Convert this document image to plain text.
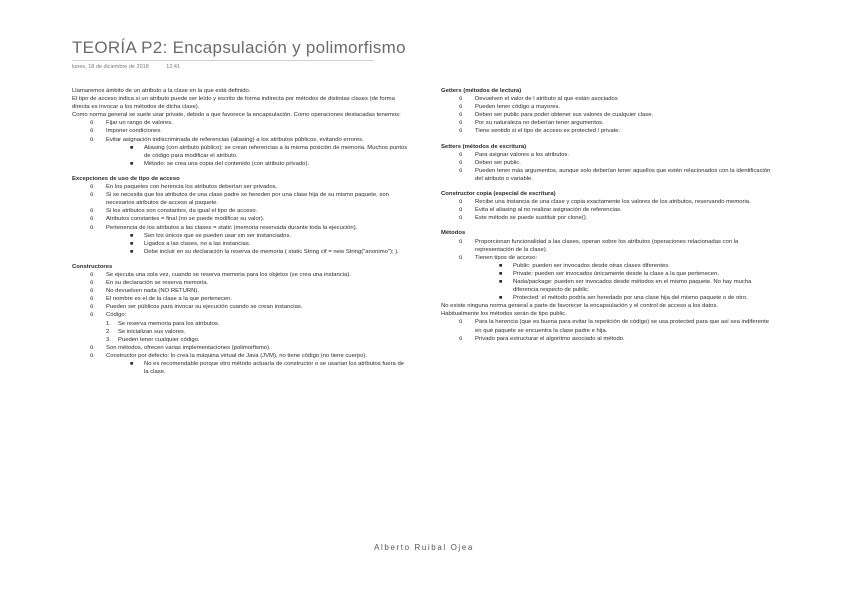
TEORÍA P2: Encapsulación y polimorfismo
lunes, 18 de diciembre de 2018	12:41

Llamaremos ámbito de un atributo a la clase en la que está definido.

El tipo de acceso indica si un atributo puede ser leído y escrito de forma indirecta por métodos de distintas clases (de forma directa es invocar a los métodos de dicha clase).

Como norma general se suele usar private, debido a que favorece la encapsulación. Como operaciones destacadas tenemos:

o Fijar un rango de valores.
o Imponer condiciones.
o Evitar asignación indiscriminada de referencias (aliasing) a los atributos públicos, evitando errores.
■ Aliasing (con atributo público): se crean referencias a la misma posición de memoria. Muchos puntos de código para modificar el atributo.
■ Método: se crea una copia del contenido (con atributo privado).

Excepciones de uso de tipo de acceso

o En los paquetes con herencia los atributos deberían ser privados.
o Si se necesita que los atributos de una clase padre se hereden por una clase hija de su mismo paquete, son necesarios atributos de acceso al paquete.
o Si los atributos son constantes, da igual el tipo de acceso.
o Atributos constantes = final (no se puede modificar su valor).
o Pertenencia de los atributos a las clases = static (memoria reservada durante toda la ejecución).
■ Son los únicos que se pueden usar sin ser instanciados.
■ Ligados a las clases, no a las instancias.
■ Debe incluir en su declaración la reserva de memoria ( static String cif = new String("anonimo"); ).

Constructores

o Se ejecuta una sola vez, cuando se reserva memoria para los objetos (se crea una instancia).
o En su declaración se reserva memoria.
o No devuelven nada (NO RETURN).
o El nombre es el de la clase a la que pertenecen.
o Pueden ser públicos para invocar su ejecución cuando se crean instancias.
o Código:
1. Se reserva memoria para los atributos.
2. Se inicializan sus valores.
3. Pueden tener cualquier código.
o Son métodos, ofrecen varias implementaciones (polimorfismo).
o Constructor por defecto: lo crea la máquina virtual de Java (JVM), no tiene código (no tiene cuerpo).
■ No es recomendable porque otro método actuaría de constructor o se usarían los atributos fuera de la clase.

Getters (métodos de lectura)

o Devuelven el valor de l atributo al que están asociados
o Pueden tener código a mayores.
o Deben ser public para poder obtener sus valores de cualquier clase.
o Por su naturaleza no deberían tener argumentos.
o Tiene sentido si el tipo de acceso es protected / private.

Setters (métodos de escritura)

o Para asignar valores a los atributos.
o Deben ser public.
o Pueden tener más argumentos, aunque solo deberían tener aquellos que estén relacionados con la identificación del atributo o variable.

Constructor copia (especial de escritura)

o Recibe una instancia de una clase y copia exactamente los valores de los atributos, reservando memoria.
o Evita el aliasing al no realizar asignación de referencias.
o Este método se puede sustituir por clone().

Métodos

o Proporcionan funcionalidad a las clases, operan sobre los atributos (operaciones relacionadas con la representación de la clase).
o Tienen tipos de acceso:
■ Public: pueden ser invocados desde otras clases diferentes.
■ Private: pueden ser invocados únicamente desde la clase a la que pertenecen.
■ Nada/package: pueden ser invocados desde métodos en el mismo paquete. No hay mucha diferencia respecto de public.
■ Protected: el método podría ser heredado por una clase hija del mismo paquete o de otro.

No existe ninguna norma general a parte de favorecer la encapsulación y el control de acceso a los datos.

Habitualmente los métodos serán de tipo public.

o Para la herencia (que es buena para evitar la repetición de código) se usa protected para que así sea indiferente en qué paquete se encuentra la clase padre e hija.
o Privado para estructurar el algoritmo asociado al método.
Alberto Ruibal Ojea
